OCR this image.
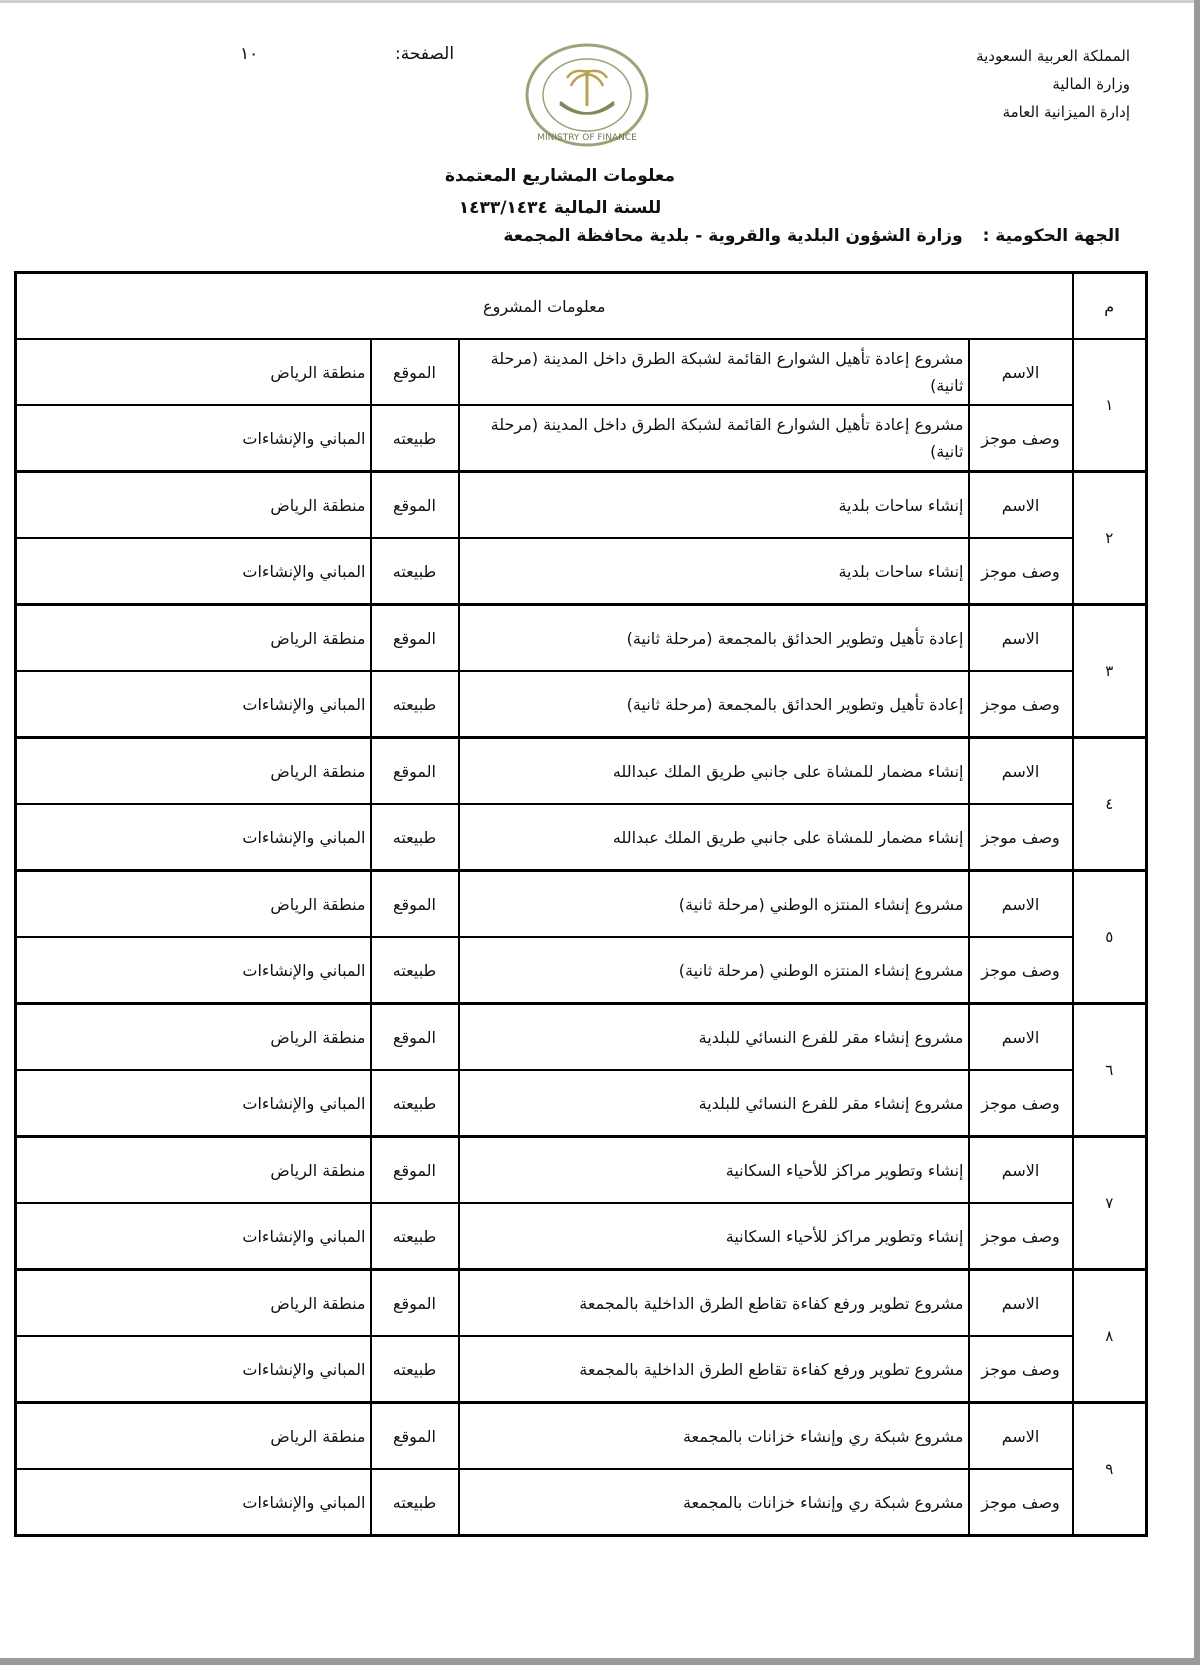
المملكة العربية السعودية
وزارة المالية
إدارة الميزانية العامة
١٠	الصفحة:
MINISTRY OF FINANCE
معلومات المشاريع المعتمدة
للسنة المالية ١٤٣٣/١٤٣٤
الجهة الحكومية : وزارة الشؤون البلدية والقروية - بلدية محافظة المجمعة
م	معلومات المشروع			
١	الاسم	مشروع إعادة تأهيل الشوارع القائمة لشبكة الطرق داخل المدينة (مرحلة ثانية)	الموقع	منطقة الرياض
	وصف موجز	مشروع إعادة تأهيل الشوارع القائمة لشبكة الطرق داخل المدينة (مرحلة ثانية)	طبيعته	المباني والإنشاءات
٢	الاسم	إنشاء ساحات بلدية	الموقع	منطقة الرياض
	وصف موجز	إنشاء ساحات بلدية	طبيعته	المباني والإنشاءات
٣	الاسم	إعادة تأهيل وتطوير الحدائق بالمجمعة (مرحلة ثانية)	الموقع	منطقة الرياض
	وصف موجز	إعادة تأهيل وتطوير الحدائق بالمجمعة (مرحلة ثانية)	طبيعته	المباني والإنشاءات
٤	الاسم	إنشاء مضمار للمشاة على جانبي طريق الملك عبدالله	الموقع	منطقة الرياض
	وصف موجز	إنشاء مضمار للمشاة على جانبي طريق الملك عبدالله	طبيعته	المباني والإنشاءات
٥	الاسم	مشروع إنشاء المنتزه الوطني (مرحلة ثانية)	الموقع	منطقة الرياض
	وصف موجز	مشروع إنشاء المنتزه الوطني (مرحلة ثانية)	طبيعته	المباني والإنشاءات
٦	الاسم	مشروع إنشاء مقر للفرع النسائي للبلدية	الموقع	منطقة الرياض
	وصف موجز	مشروع إنشاء مقر للفرع النسائي للبلدية	طبيعته	المباني والإنشاءات
٧	الاسم	إنشاء وتطوير مراكز للأحياء السكانية	الموقع	منطقة الرياض
	وصف موجز	إنشاء وتطوير مراكز للأحياء السكانية	طبيعته	المباني والإنشاءات
٨	الاسم	مشروع تطوير ورفع كفاءة تقاطع الطرق الداخلية بالمجمعة	الموقع	منطقة الرياض
	وصف موجز	مشروع تطوير ورفع كفاءة تقاطع الطرق الداخلية بالمجمعة	طبيعته	المباني والإنشاءات
٩	الاسم	مشروع شبكة ري وإنشاء خزانات بالمجمعة	الموقع	منطقة الرياض
	وصف موجز	مشروع شبكة ري وإنشاء خزانات بالمجمعة	طبيعته	المباني والإنشاءات
